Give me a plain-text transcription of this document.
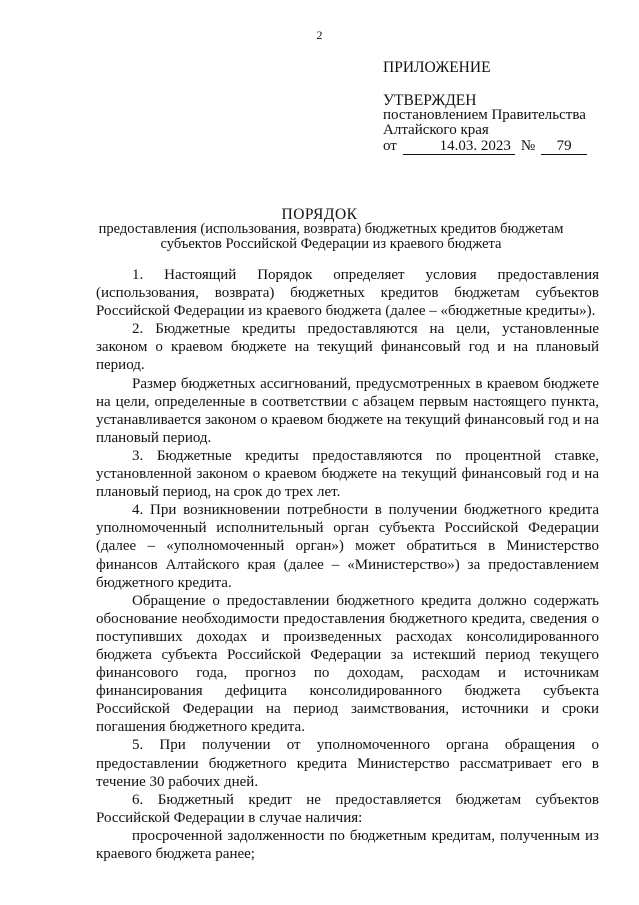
2
ПРИЛОЖЕНИЕ
УТВЕРЖДЕН
постановлением Правительства
Алтайского края
от	14.03. 2023 №	79
ПОРЯДОК
предоставления (использования, возврата) бюджетных кредитов бюджетам
субъектов Российской Федерации из краевого бюджета

1. Настоящий Порядок определяет условия предоставления (использования, возврата) бюджетных кредитов бюджетам субъектов Российской Федерации из краевого бюджета (далее – «бюджетные кредиты»).

2. Бюджетные кредиты предоставляются на цели, установленные законом о краевом бюджете на текущий финансовый год и на плановый период.

Размер бюджетных ассигнований, предусмотренных в краевом бюджете на цели, определенные в соответствии с абзацем первым настоящего пункта, устанавливается законом о краевом бюджете на текущий финансовый год и на плановый период.

3. Бюджетные кредиты предоставляются по процентной ставке, установленной законом о краевом бюджете на текущий финансовый год и на плановый период, на срок до трех лет.

4. При возникновении потребности в получении бюджетного кредита уполномоченный исполнительный орган субъекта Российской Федерации (далее – «уполномоченный орган») может обратиться в Министерство финансов Алтайского края (далее – «Министерство») за предоставлением бюджетного кредита.

Обращение о предоставлении бюджетного кредита должно содержать обоснование необходимости предоставления бюджетного кредита, сведения о поступивших доходах и произведенных расходах консолидированного бюджета субъекта Российской Федерации за истекший период текущего финансового года, прогноз по доходам, расходам и источникам финансирования дефицита консолидированного бюджета субъекта Российской Федерации на период заимствования, источники и сроки погашения бюджетного кредита.

5. При получении от уполномоченного органа обращения о предоставлении бюджетного кредита Министерство рассматривает его в течение 30 рабочих дней.

6. Бюджетный кредит не предоставляется бюджетам субъектов Российской Федерации в случае наличия:

просроченной задолженности по бюджетным кредитам, полученным из краевого бюджета ранее;
